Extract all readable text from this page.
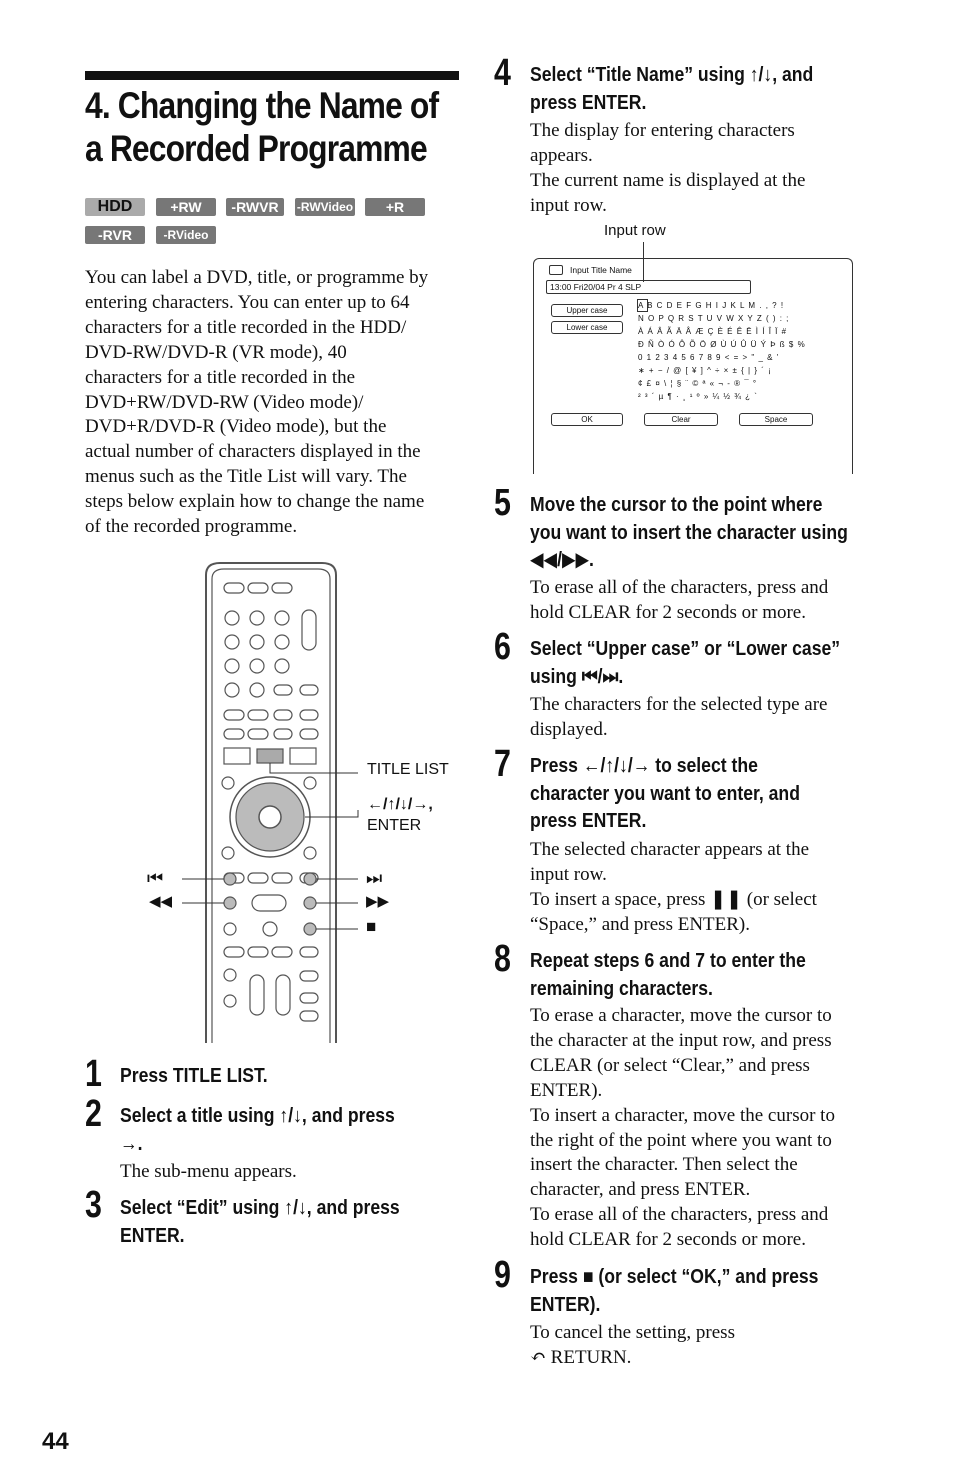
4. Changing the Name of
a Recorded Programme
HDD	+RW	-RWVR	-RWVideo	+R
-RVR	-RVideo
You can label a DVD, title, or programme by
entering characters. You can enter up to 64
characters for a title recorded in the HDD/
DVD-RW/DVD-R (VR mode), 40
characters for a title recorded in the
DVD+RW/DVD-RW (Video mode)/
DVD+R/DVD-R (Video mode), but the
actual number of characters displayed in the
menus such as the Title List will vary. The
steps below explain how to change the name
of the recorded programme.
TITLE LIST
←/↑/↓/→,
ENTER
⏮
◀◀
⏭
▶▶
■
1 Press TITLE LIST.
2 Select a title using ↑/↓, and press
→.
The sub-menu appears.
3 Select “Edit” using ↑/↓, and press
ENTER.
4 Select “Title Name” using ↑/↓, and
press ENTER.
The display for entering characters
appears.
The current name is displayed at the
input row.
Input row
Input Title Name
13:00 Fri20/04 Pr 4 SLP
Upper case
Lower case
A B C D E F G H I J K L M . , ? !
N O P Q R S T U V W X Y Z ( ) : ;
À Á Â Ã Ä Å Æ Ç È É Ê Ë Ì Í Î Ï #
Ð Ñ Ò Ó Ô Õ Ö Ø Ù Ú Û Ü Ý Þ ß $ %
0 1 2 3 4 5 6 7 8 9 < = > " _ & '
∗ + − / @ [ ¥ ] ^ ÷ × ± { | } ´ ¡
¢ £ ¤ \ ¦ § ¨ © ª « ¬ - ® ¯ °
² ³ ´ µ ¶ · ¸ ¹ º » ¼ ½ ¾ ¿ `
OK	Clear	Space
5 Move the cursor to the point where
you want to insert the character using
◀◀/▶▶.
To erase all of the characters, press and
hold CLEAR for 2 seconds or more.
6 Select “Upper case” or “Lower case”
using ⏮/⏭.
The characters for the selected type are
displayed.
7 Press ←/↑/↓/→ to select the
character you want to enter, and
press ENTER.
The selected character appears at the
input row.
To insert a space, press ❚❚ (or select
“Space,” and press ENTER).
8 Repeat steps 6 and 7 to enter the
remaining characters.
To erase a character, move the cursor to
the character at the input row, and press
CLEAR (or select “Clear,” and press
ENTER).
To insert a character, move the cursor to
the right of the point where you want to
insert the character. Then select the
character, and press ENTER.
To erase all of the characters, press and
hold CLEAR for 2 seconds or more.
9 Press ■ (or select “OK,” and press
ENTER).
To cancel the setting, press
↶ RETURN.
44
